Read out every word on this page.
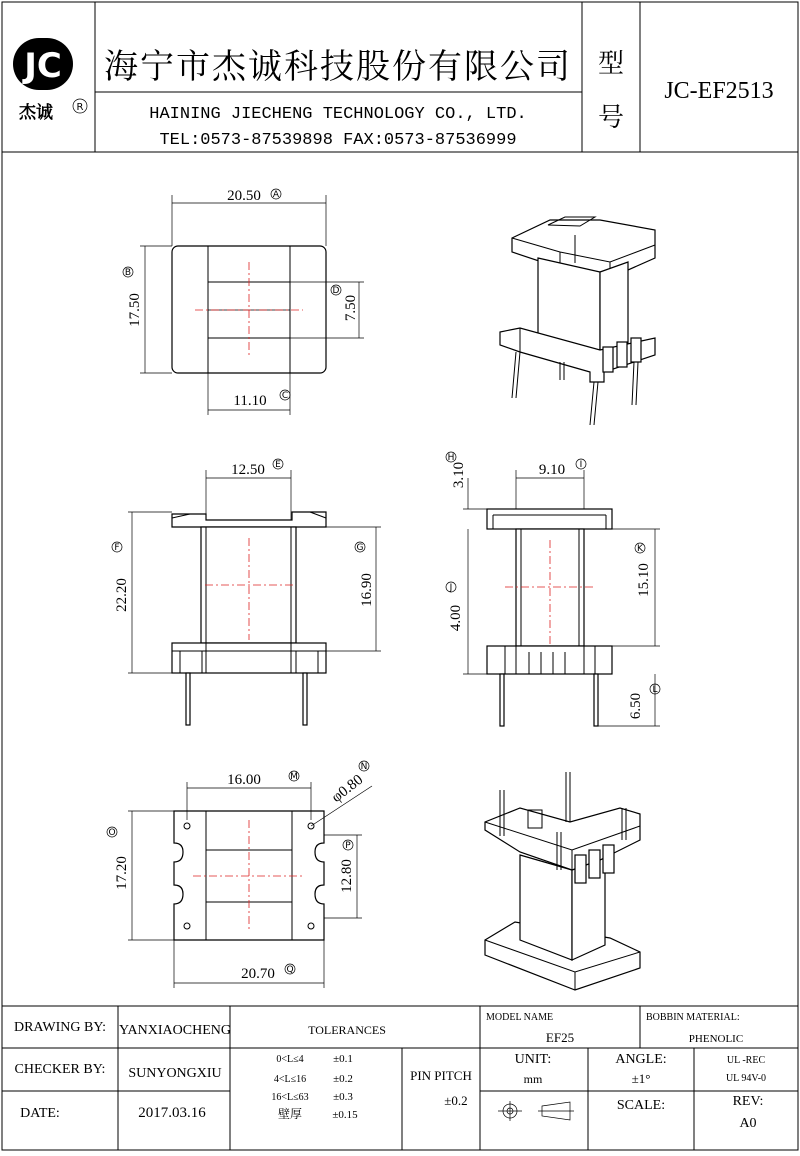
JC
杰诚 R
海宁市杰诚科技股份有限公司
HAINING JIECHENG TECHNOLOGY CO., LTD.
TEL:0573-87539898 FAX:0573-87536999
型
号
JC-EF2513
20.50 A
17.50
B
7.50
D
11.10 C
12.50 E
22.20
F
16.90
G
3.10
H
9.10 I
4.00
J	15.10
K
6.50
L
16.00	M φ0.80
N
17.20
O
12.80
P
20.70 Q
DRAWING BY: YANXIAOCHENG
CHECKER BY: SUNYONGXIU
DATE:	2017.03.16
TOLERANCES
0<L≤4	±0.1
4<L≤16 ±0.2
16<L≤63 ±0.3
壁厚	±0.15
PIN PITCH
±0.2
MODEL NAME
EF25
BOBBIN MATERIAL:
PHENOLIC
UNIT:
mm
ANGLE:
±1°
UL -REC
UL 94V-0
SCALE:	REV:
A0
